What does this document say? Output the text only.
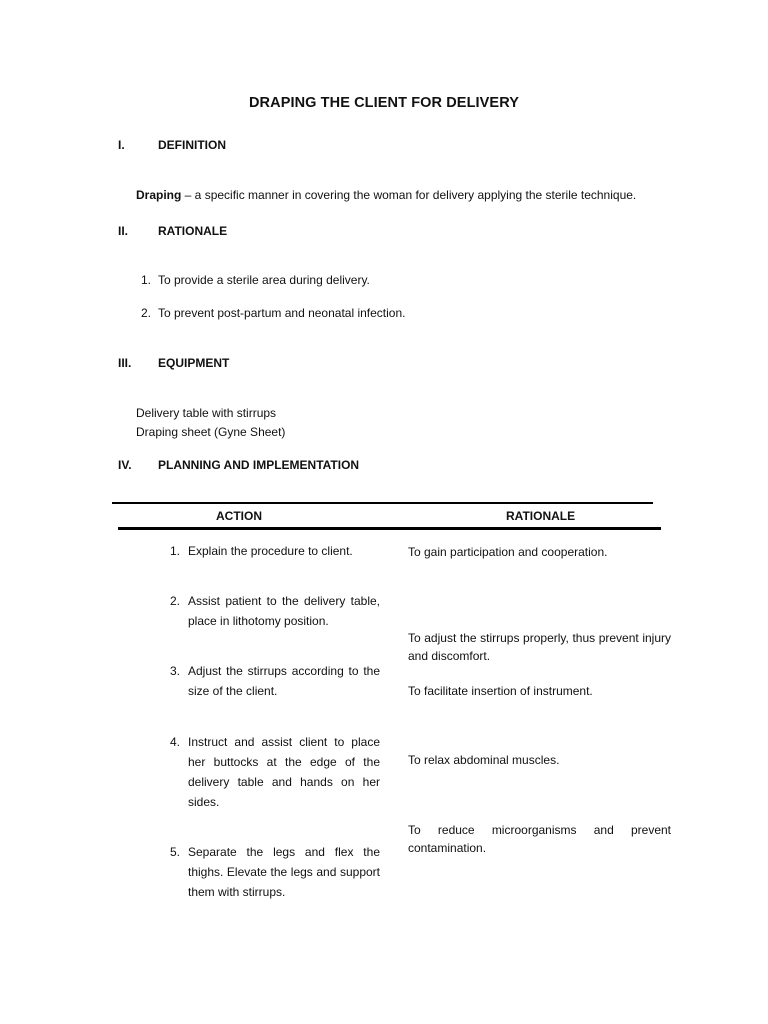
DRAPING THE CLIENT FOR DELIVERY
I.	DEFINITION
Draping – a specific manner in covering the woman for delivery applying the sterile technique.
II. RATIONALE
1. To provide a sterile area during delivery.
2. To prevent post-partum and neonatal infection.
III. EQUIPMENT
Delivery table with stirrups
Draping sheet (Gyne Sheet)
IV. PLANNING AND IMPLEMENTATION
ACTION	RATIONALE
1. Explain the procedure to client.
2. Assist patient to the delivery table, place in lithotomy position.
3. Adjust the stirrups according to the size of the client.
4. Instruct and assist client to place her buttocks at the edge of the delivery table and hands on her sides.
5. Separate the legs and flex the thighs. Elevate the legs and support them with stirrups.
To gain participation and cooperation.
To adjust the stirrups properly, thus prevent injury and discomfort.
To facilitate insertion of instrument.
To relax abdominal muscles.
To reduce microorganisms and prevent contamination.
